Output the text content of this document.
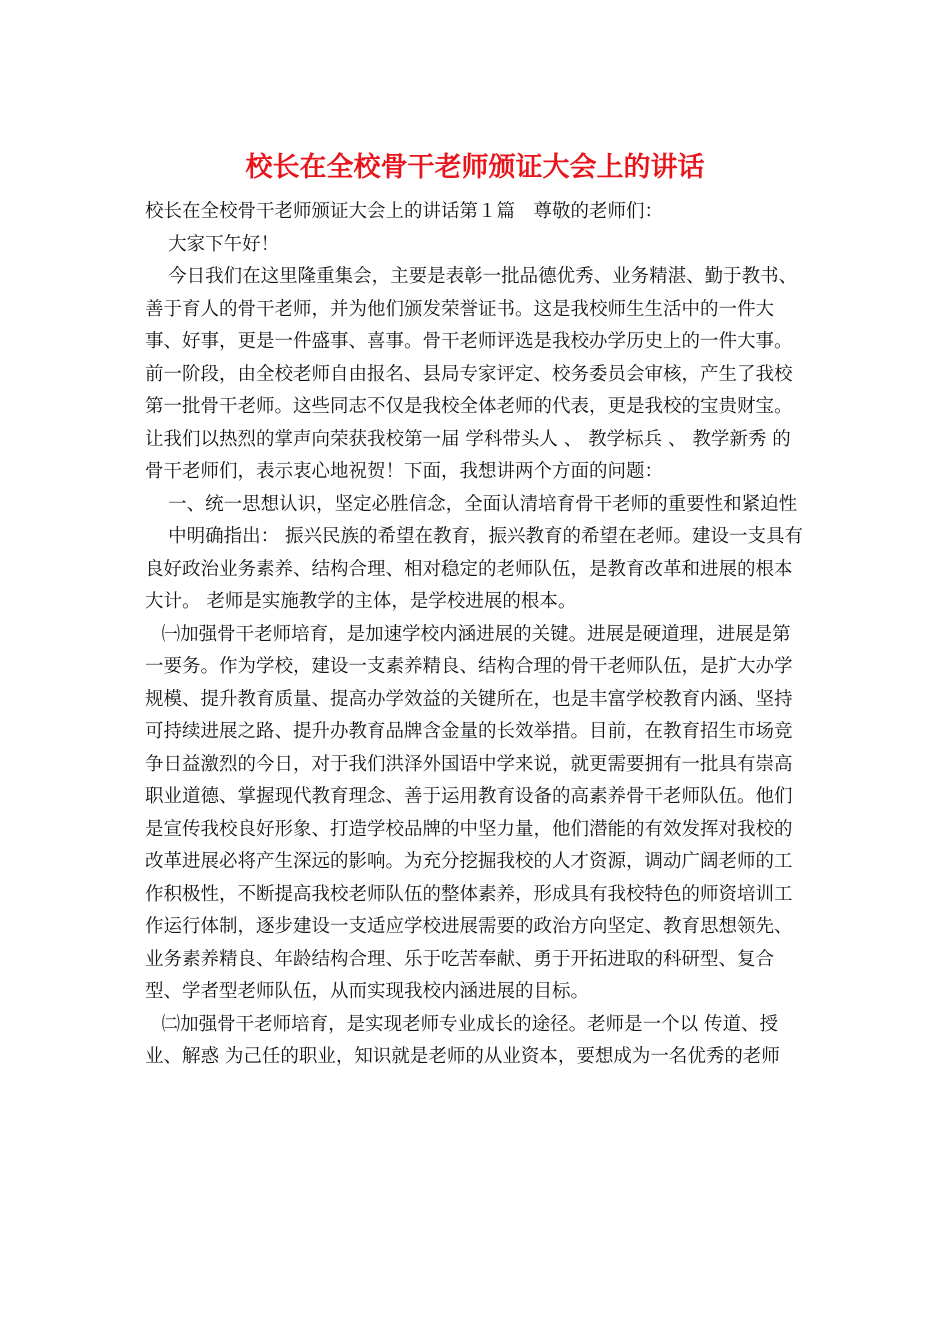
校长在全校骨干老师颁证大会上的讲话

校长在全校骨干老师颁证大会上的讲话第１篇　尊敬的老师们：

大家下午好！

今日我们在这里隆重集会，主要是表彰一批品德优秀、业务精湛、勤于教书、善于育人的骨干老师，并为他们颁发荣誉证书。这是我校师生生活中的一件大事、好事，更是一件盛事、喜事。骨干老师评选是我校办学历史上的一件大事。前一阶段，由全校老师自由报名、县局专家评定、校务委员会审核，产生了我校第一批骨干老师。这些同志不仅是我校全体老师的代表，更是我校的宝贵财宝。让我们以热烈的掌声向荣获我校第一届 学科带头人 、 教学标兵 、 教学新秀 的骨干老师们，表示衷心地祝贺！下面，我想讲两个方面的问题：

一、统一思想认识，坚定必胜信念，全面认清培育骨干老师的重要性和紧迫性

中明确指出： 振兴民族的希望在教育，振兴教育的希望在老师。建设一支具有良好政治业务素养、结构合理、相对稳定的老师队伍，是教育改革和进展的根本大计。 老师是实施教学的主体，是学校进展的根本。

㈠加强骨干老师培育，是加速学校内涵进展的关键。进展是硬道理，进展是第一要务。作为学校，建设一支素养精良、结构合理的骨干老师队伍，是扩大办学规模、提升教育质量、提高办学效益的关键所在，也是丰富学校教育内涵、坚持可持续进展之路、提升办教育品牌含金量的长效举措。目前，在教育招生市场竞争日益激烈的今日，对于我们洪泽外国语中学来说，就更需要拥有一批具有崇高职业道德、掌握现代教育理念、善于运用教育设备的高素养骨干老师队伍。他们是宣传我校良好形象、打造学校品牌的中坚力量，他们潜能的有效发挥对我校的改革进展必将产生深远的影响。为充分挖掘我校的人才资源，调动广阔老师的工作积极性，不断提高我校老师队伍的整体素养，形成具有我校特色的师资培训工作运行体制，逐步建设一支适应学校进展需要的政治方向坚定、教育思想领先、业务素养精良、年龄结构合理、乐于吃苦奉献、勇于开拓进取的科研型、复合型、学者型老师队伍，从而实现我校内涵进展的目标。

㈡加强骨干老师培育，是实现老师专业成长的途径。老师是一个以 传道、授业、解惑 为己任的职业，知识就是老师的从业资本，要想成为一名优秀的老师
